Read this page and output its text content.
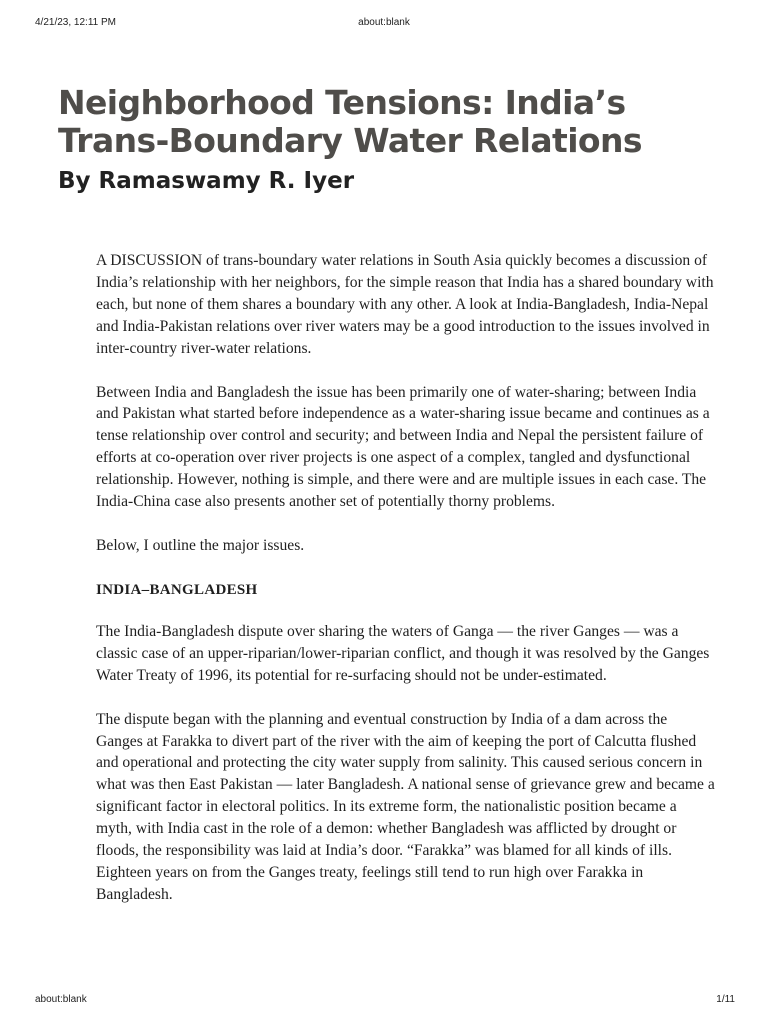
4/21/23, 12:11 PM	about:blank
Neighborhood Tensions: India’s Trans-Boundary Water Relations
By Ramaswamy R. Iyer

A DISCUSSION of trans-boundary water relations in South Asia quickly becomes a discussion of India’s relationship with her neighbors, for the simple reason that India has a shared boundary with each, but none of them shares a boundary with any other. A look at India-Bangladesh, India-Nepal and India-Pakistan relations over river waters may be a good introduction to the issues involved in inter-country river-water relations.

Between India and Bangladesh the issue has been primarily one of water-sharing; between India and Pakistan what started before independence as a water-sharing issue became and continues as a tense relationship over control and security; and between India and Nepal the persistent failure of efforts at co-operation over river projects is one aspect of a complex, tangled and dysfunctional relationship. However, nothing is simple, and there were and are multiple issues in each case. The India-China case also presents another set of potentially thorny problems.

Below, I outline the major issues.

INDIA–BANGLADESH

The India-Bangladesh dispute over sharing the waters of Ganga — the river Ganges — was a classic case of an upper-riparian/lower-riparian conflict, and though it was resolved by the Ganges Water Treaty of 1996, its potential for re-surfacing should not be under-estimated.

The dispute began with the planning and eventual construction by India of a dam across the Ganges at Farakka to divert part of the river with the aim of keeping the port of Calcutta flushed and operational and protecting the city water supply from salinity. This caused serious concern in what was then East Pakistan — later Bangladesh. A national sense of grievance grew and became a significant factor in electoral politics. In its extreme form, the nationalistic position became a myth, with India cast in the role of a demon: whether Bangladesh was afflicted by drought or floods, the responsibility was laid at India’s door. “Farakka” was blamed for all kinds of ills. Eighteen years on from the Ganges treaty, feelings still tend to run high over Farakka in Bangladesh.

about:blank	1/11
